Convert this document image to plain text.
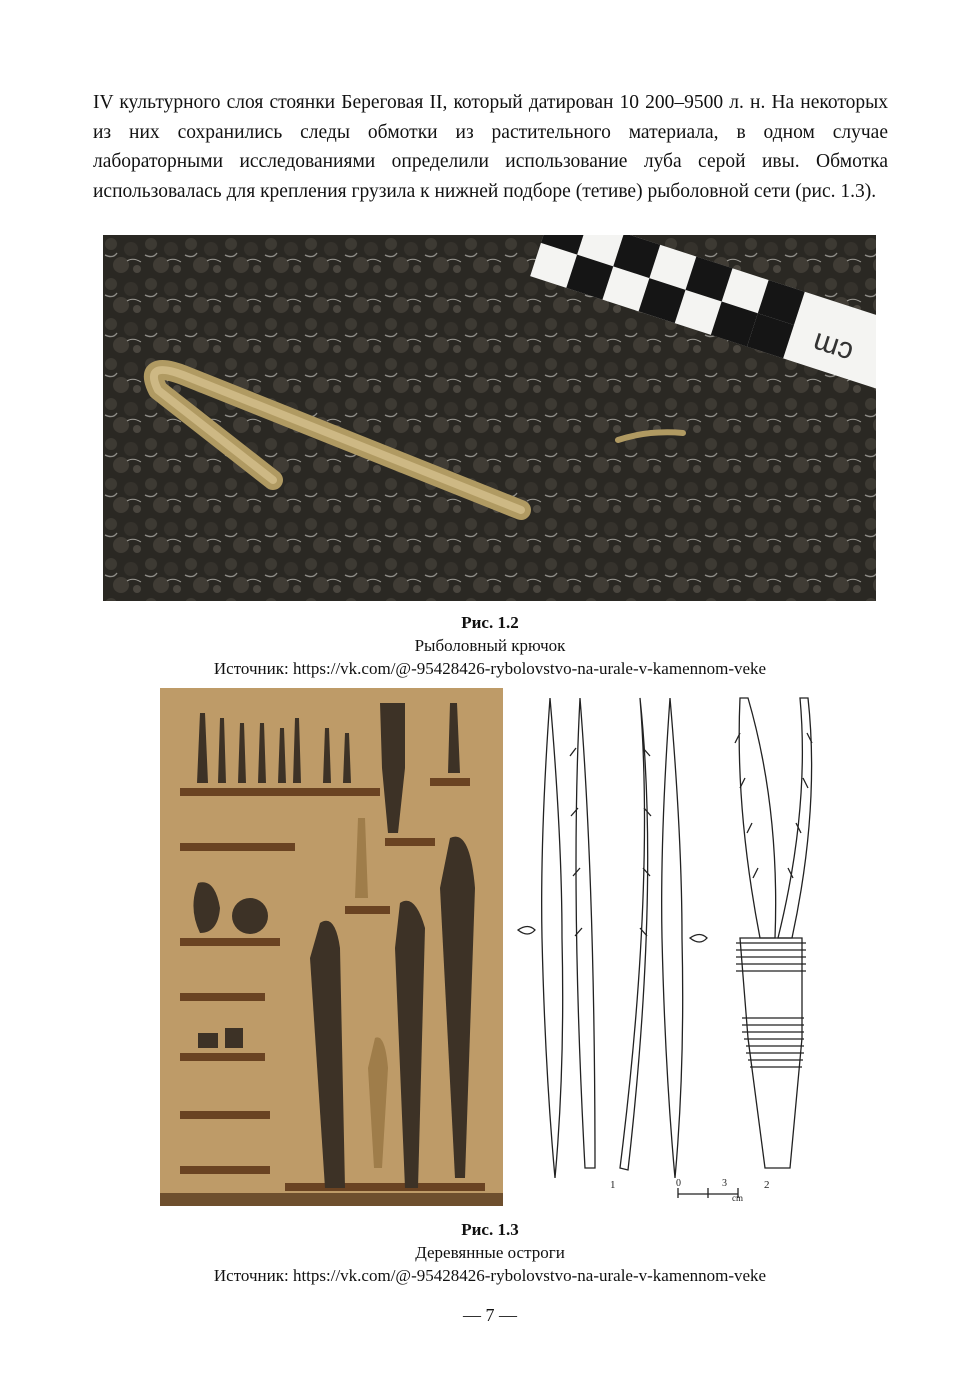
IV культурного слоя стоянки Береговая II, который датирован 10 200–9500 л. н. На некоторых из них сохранились следы обмотки из растительного материала, в одном случае лабораторными исследованиями определили использование луба серой ивы. Обмотка использовалась для крепления грузила к нижней подборе (тетиве) рыболовной сети (рис. 1.3).

cm
Рис. 1.2
Рыболовный крючок
Источник: https://vk.com/@-95428426-rybolovstvo-na-urale-v-kamennom-veke
1	2
0	3
cm
Рис. 1.3
Деревянные остроги
Источник: https://vk.com/@-95428426-rybolovstvo-na-urale-v-kamennom-veke
— 7 —
